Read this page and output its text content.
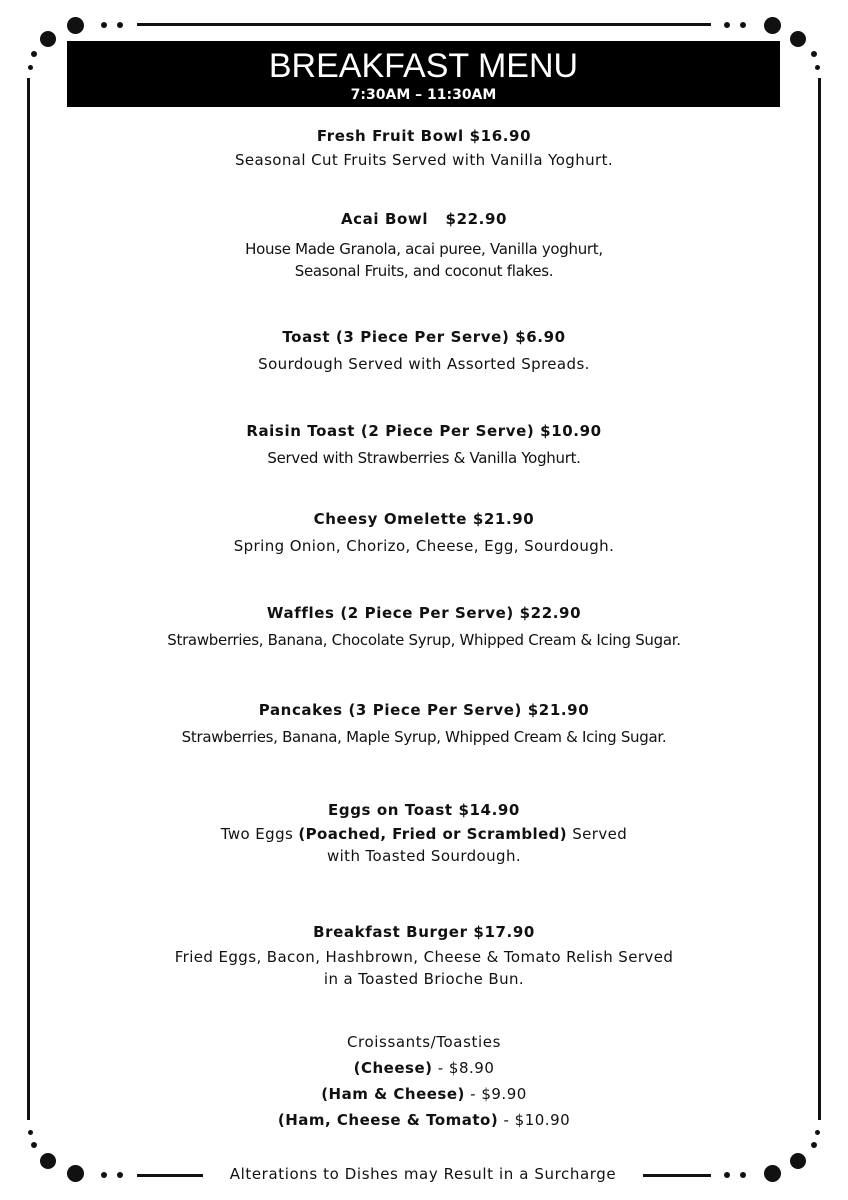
BREAKFAST MENU
7:30AM – 11:30AM
Fresh Fruit Bowl $16.90
Seasonal Cut Fruits Served with Vanilla Yoghurt.
Acai Bowl   $22.90
House Made Granola, acai puree, Vanilla yoghurt,
Seasonal Fruits, and coconut flakes.
Toast (3 Piece Per Serve) $6.90
Sourdough Served with Assorted Spreads.
Raisin Toast (2 Piece Per Serve) $10.90
Served with Strawberries & Vanilla Yoghurt.
Cheesy Omelette $21.90
Spring Onion, Chorizo, Cheese, Egg, Sourdough.
Waffles (2 Piece Per Serve) $22.90
Strawberries, Banana, Chocolate Syrup, Whipped Cream & Icing Sugar.
Pancakes (3 Piece Per Serve) $21.90
Strawberries, Banana, Maple Syrup, Whipped Cream & Icing Sugar.
Eggs on Toast $14.90
Two Eggs (Poached, Fried or Scrambled) Served
with Toasted Sourdough.
Breakfast Burger $17.90
Fried Eggs, Bacon, Hashbrown, Cheese & Tomato Relish Served
in a Toasted Brioche Bun.
Croissants/Toasties
(Cheese) - $8.90
(Ham & Cheese) - $9.90
(Ham, Cheese & Tomato) - $10.90
Alterations to Dishes may Result in a Surcharge
